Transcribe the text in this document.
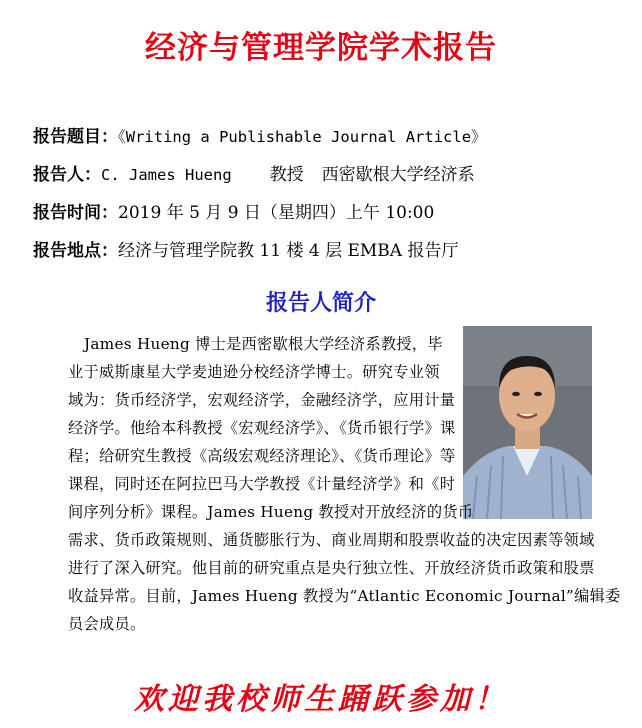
经济与管理学院学术报告
报告题目：《Writing a Publishable Journal Article》
报告人：C. James Hueng 教授 西密歇根大学经济系
报告时间：2019 年 5 月 9 日（星期四）上午 10:00
报告地点：经济与管理学院教 11 楼 4 层 EMBA 报告厅
报告人简介
James Hueng 博士是西密歇根大学经济系教授，毕
业于威斯康星大学麦迪逊分校经济学博士。研究专业领
域为：货币经济学，宏观经济学，金融经济学，应用计量
经济学。他给本科教授《宏观经济学》、《货币银行学》课
程；给研究生教授《高级宏观经济理论》、《货币理论》等
课程，同时还在阿拉巴马大学教授《计量经济学》和《时
间序列分析》课程。James Hueng 教授对开放经济的货币
需求、货币政策规则、通货膨胀行为、商业周期和股票收益的决定因素等领域
进行了深入研究。他目前的研究重点是央行独立性、开放经济货币政策和股票
收益异常。目前，James Hueng 教授为“Atlantic Economic Journal”编辑委
员会成员。
欢迎我校师生踊跃参加！
